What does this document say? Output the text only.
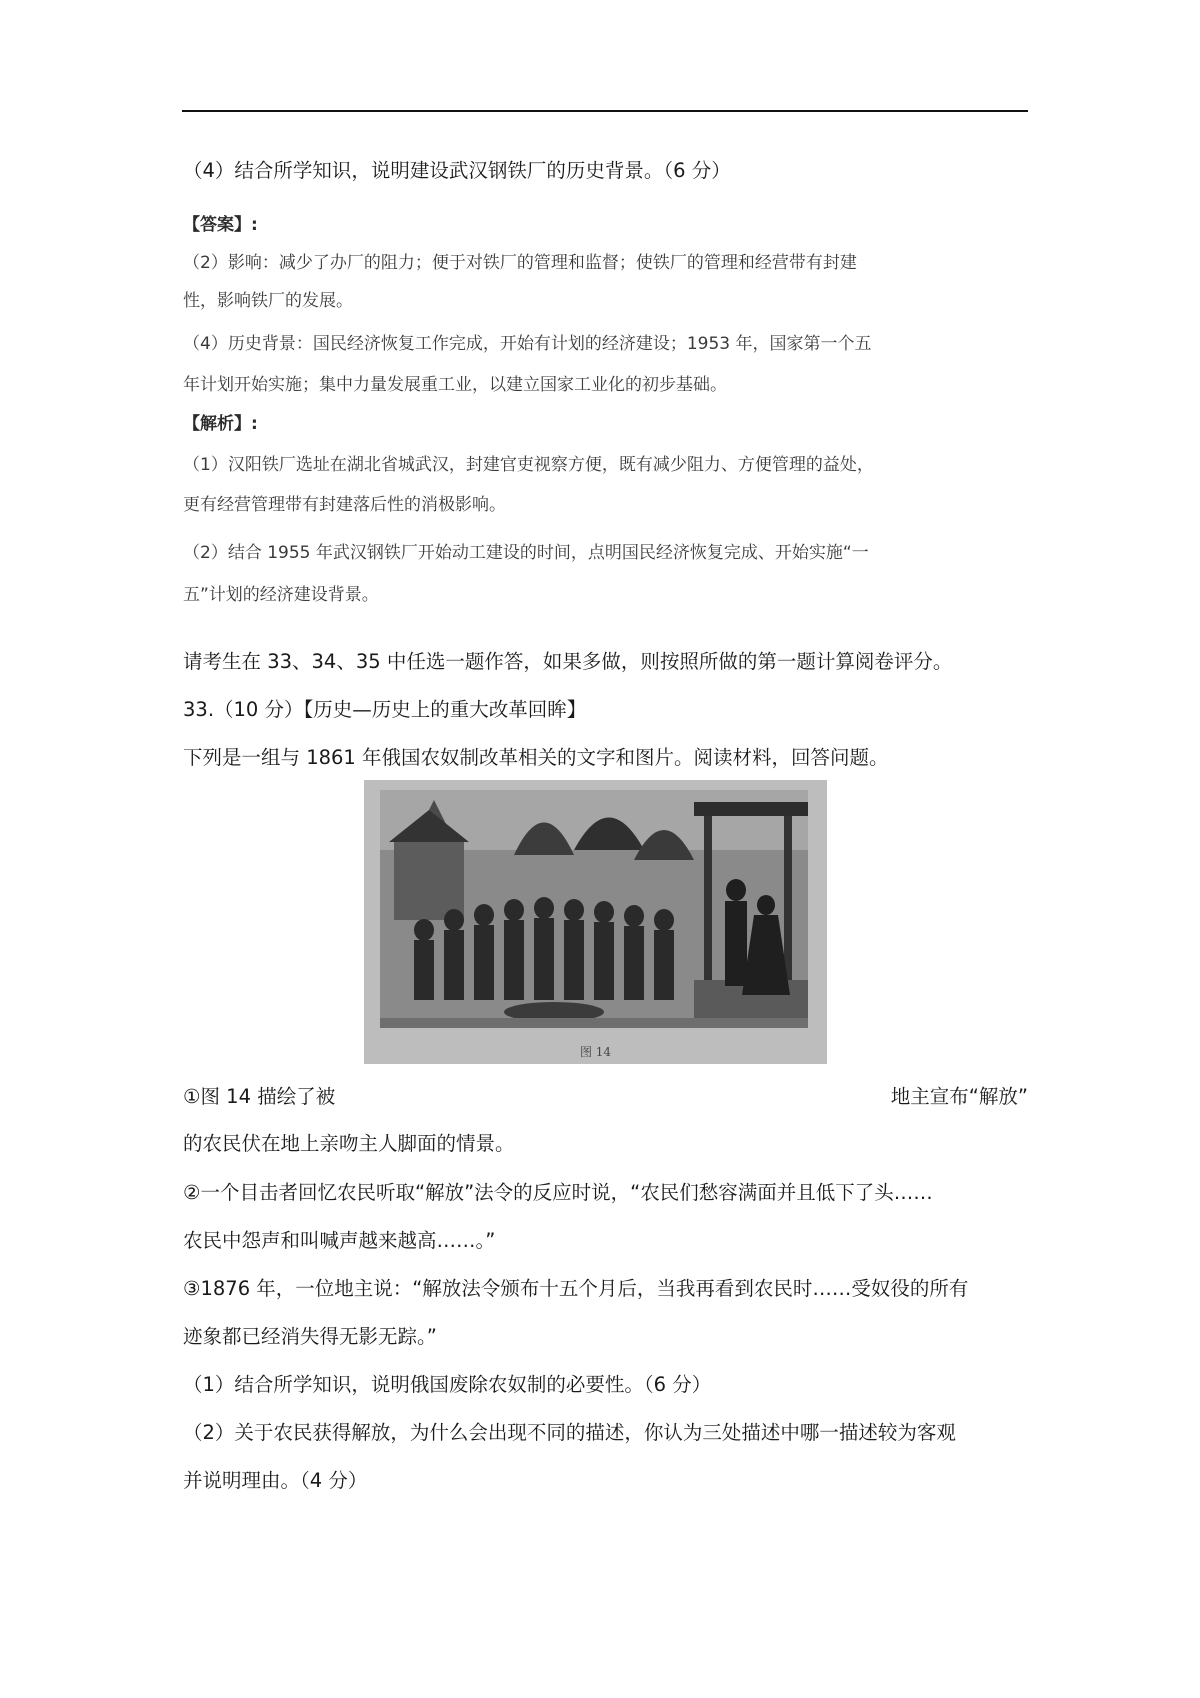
（4）结合所学知识，说明建设武汉钢铁厂的历史背景。（6 分）
【答案】:
（2）影响：减少了办厂的阻力；便于对铁厂的管理和监督；使铁厂的管理和经营带有封建
性，影响铁厂的发展。
（4）历史背景：国民经济恢复工作完成，开始有计划的经济建设；1953 年，国家第一个五
年计划开始实施；集中力量发展重工业，以建立国家工业化的初步基础。
【解析】:
（1）汉阳铁厂选址在湖北省城武汉，封建官吏视察方便，既有减少阻力、方便管理的益处，
更有经营管理带有封建落后性的消极影响。
（2）结合 1955 年武汉钢铁厂开始动工建设的时间，点明国民经济恢复完成、开始实施“一
五”计划的经济建设背景。
请考生在 33、34、35 中任选一题作答，如果多做，则按照所做的第一题计算阅卷评分。
33.（10 分）【历史—历史上的重大改革回眸】
下列是一组与 1861 年俄国农奴制改革相关的文字和图片。阅读材料，回答问题。
图 14
①图 14 描绘了被	地主宣布“解放”
的农民伏在地上亲吻主人脚面的情景。
②一个目击者回忆农民听取“解放”法令的反应时说，“农民们愁容满面并且低下了头……
农民中怨声和叫喊声越来越高……。”
③1876 年，一位地主说：“解放法令颁布十五个月后，当我再看到农民时……受奴役的所有
迹象都已经消失得无影无踪。”
（1）结合所学知识，说明俄国废除农奴制的必要性。（6 分）
（2）关于农民获得解放，为什么会出现不同的描述，你认为三处描述中哪一描述较为客观
并说明理由。（4 分）
